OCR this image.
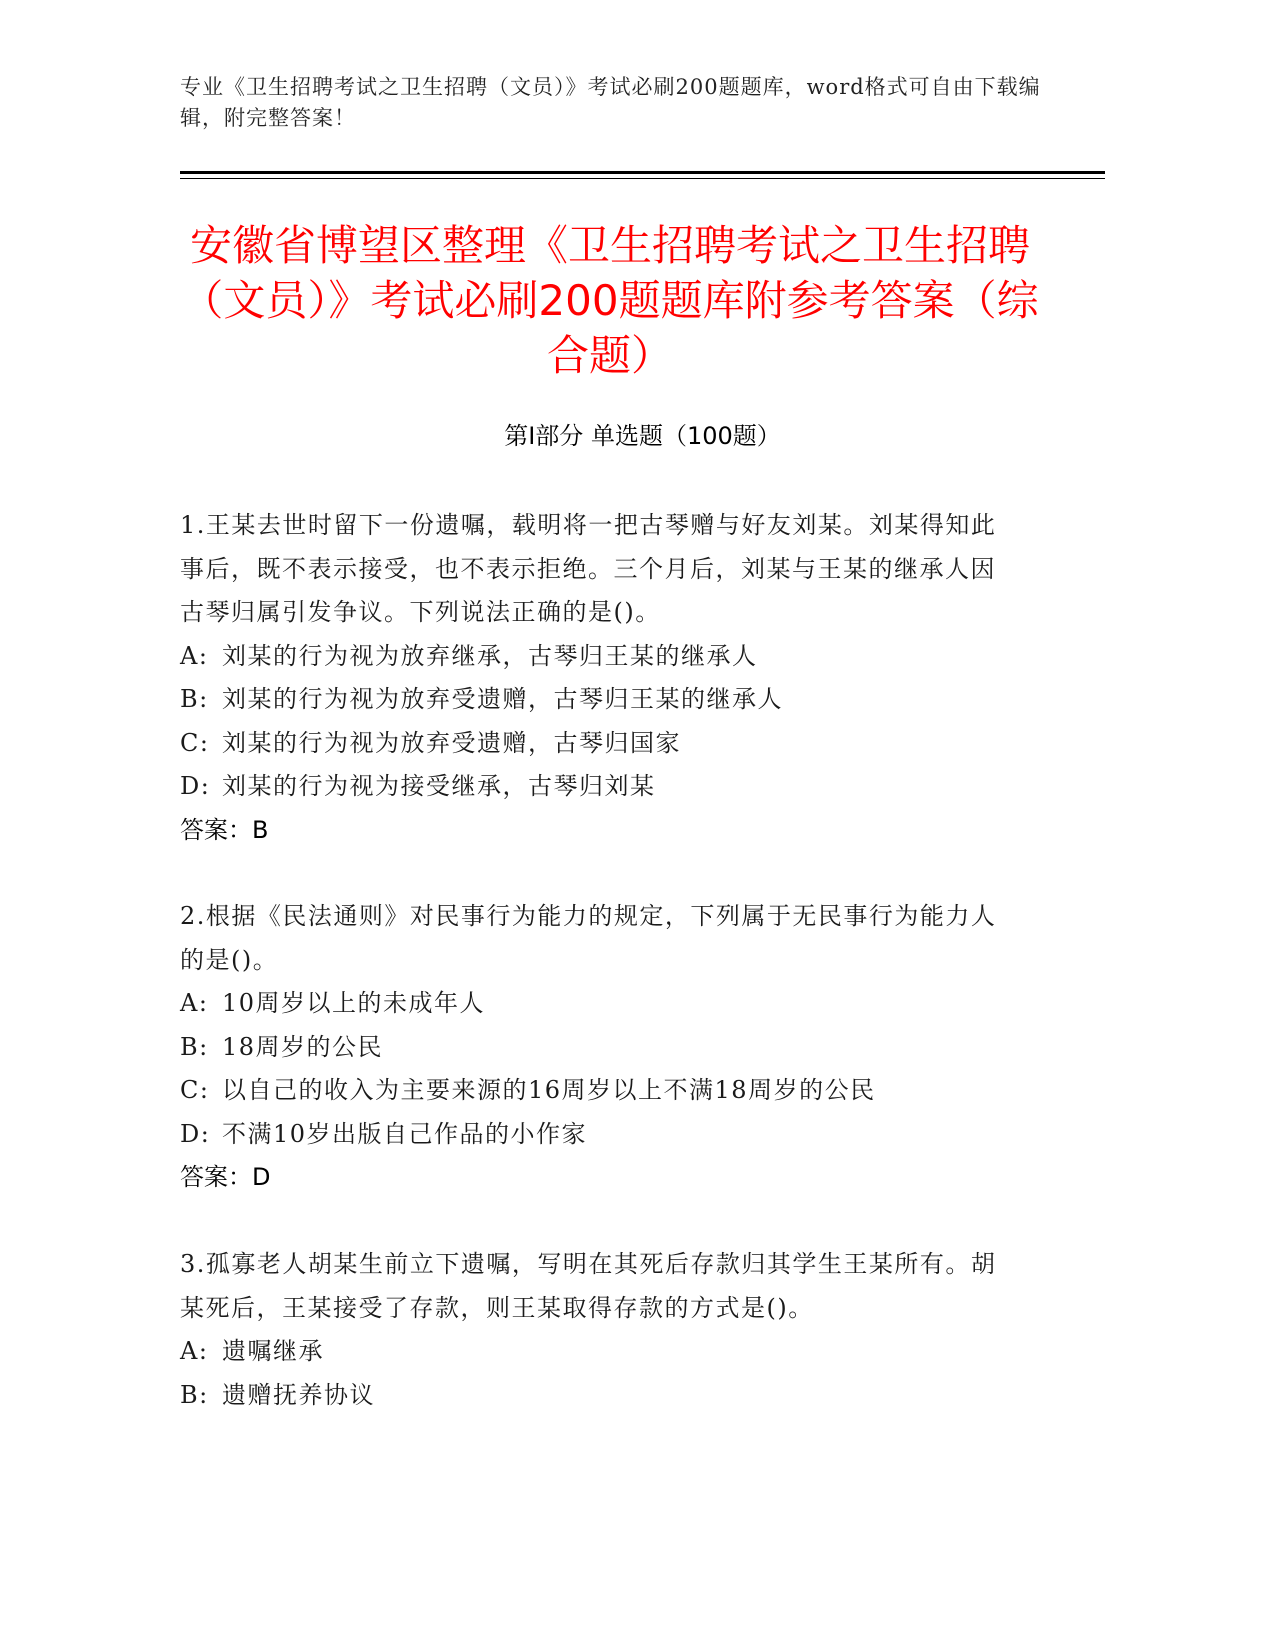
专业《卫生招聘考试之卫生招聘（文员）》考试必刷200题题库，word格式可自由下载编辑，附完整答案！
安徽省博望区整理《卫生招聘考试之卫生招聘（文员）》考试必刷200题题库附参考答案（综合题）
第Ⅰ部分 单选题（100题）

1.王某去世时留下一份遗嘱，载明将一把古琴赠与好友刘某。刘某得知此事后，既不表示接受，也不表示拒绝。三个月后，刘某与王某的继承人因古琴归属引发争议。下列说法正确的是()。

A: 刘某的行为视为放弃继承，古琴归王某的继承人

B: 刘某的行为视为放弃受遗赠，古琴归王某的继承人

C: 刘某的行为视为放弃受遗赠，古琴归国家

D: 刘某的行为视为接受继承，古琴归刘某

答案：B

2.根据《民法通则》对民事行为能力的规定，下列属于无民事行为能力人的是()。

A: 10周岁以上的未成年人

B: 18周岁的公民

C: 以自己的收入为主要来源的16周岁以上不满18周岁的公民

D: 不满10岁出版自己作品的小作家

答案：D

3.孤寡老人胡某生前立下遗嘱，写明在其死后存款归其学生王某所有。胡某死后，王某接受了存款，则王某取得存款的方式是()。

A: 遗嘱继承

B: 遗赠抚养协议
